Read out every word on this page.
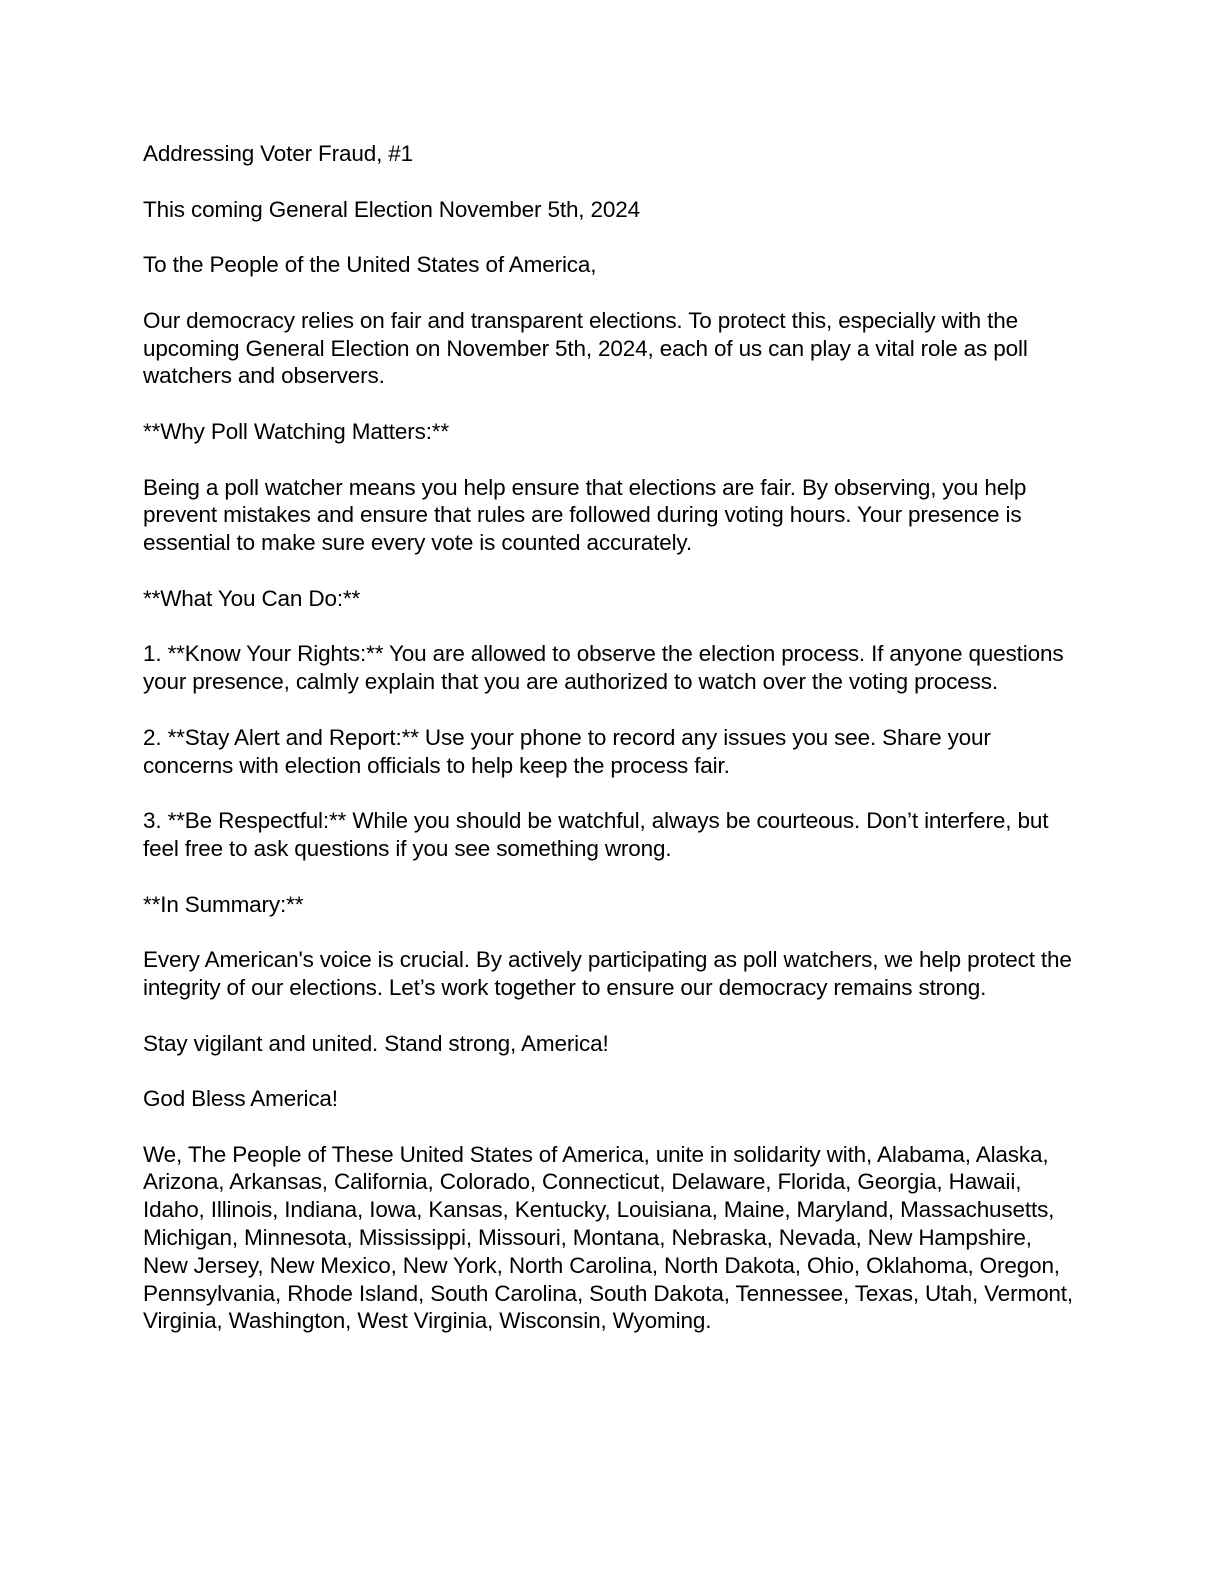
Addressing Voter Fraud, #1

This coming General Election November 5th, 2024

To the People of the United States of America,

Our democracy relies on fair and transparent elections. To protect this, especially with the upcoming General Election on November 5th, 2024, each of us can play a vital role as poll watchers and observers.

**Why Poll Watching Matters:**

Being a poll watcher means you help ensure that elections are fair. By observing, you help prevent mistakes and ensure that rules are followed during voting hours. Your presence is essential to make sure every vote is counted accurately.

**What You Can Do:**

1. **Know Your Rights:** You are allowed to observe the election process. If anyone questions your presence, calmly explain that you are authorized to watch over the voting process.

2. **Stay Alert and Report:** Use your phone to record any issues you see. Share your concerns with election officials to help keep the process fair.

3. **Be Respectful:** While you should be watchful, always be courteous. Don’t interfere, but feel free to ask questions if you see something wrong.

**In Summary:**

Every American's voice is crucial. By actively participating as poll watchers, we help protect the integrity of our elections. Let’s work together to ensure our democracy remains strong.

Stay vigilant and united. Stand strong, America!

God Bless America!

We, The People of These United States of America, unite in solidarity with, Alabama, Alaska, Arizona, Arkansas, California, Colorado, Connecticut, Delaware, Florida, Georgia, Hawaii, Idaho, Illinois, Indiana, Iowa, Kansas, Kentucky, Louisiana, Maine, Maryland, Massachusetts, Michigan, Minnesota, Mississippi, Missouri, Montana, Nebraska, Nevada, New Hampshire, New Jersey, New Mexico, New York, North Carolina, North Dakota, Ohio, Oklahoma, Oregon, Pennsylvania, Rhode Island, South Carolina, South Dakota, Tennessee, Texas, Utah, Vermont, Virginia, Washington, West Virginia, Wisconsin, Wyoming.
